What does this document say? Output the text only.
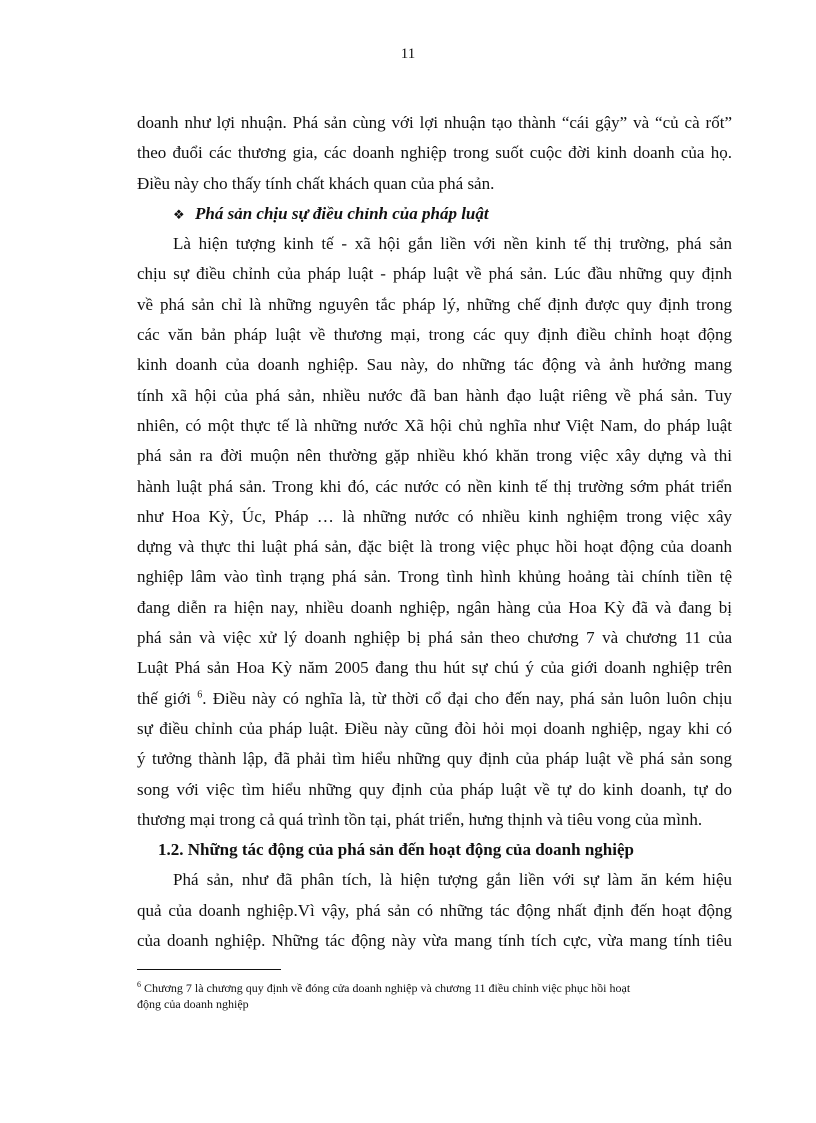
11
doanh như lợi nhuận. Phá sản cùng với lợi nhuận tạo thành “cái gậy” và “củ cà rốt”
theo đuổi các thương gia, các doanh nghiệp trong suốt cuộc đời kinh doanh của họ.
Điều này cho thấy tính chất khách quan của phá sản.
❖ Phá sản chịu sự điều chỉnh của pháp luật
Là hiện tượng kinh tế - xã hội gắn liền với nền kinh tế thị trường, phá sản
chịu sự điều chỉnh của pháp luật - pháp luật về phá sản. Lúc đầu những quy định
về phá sản chỉ là những nguyên tắc pháp lý, những chế định được quy định trong
các văn bản pháp luật về thương mại, trong các quy định điều chỉnh hoạt động
kinh doanh của doanh nghiệp. Sau này, do những tác động và ảnh hưởng mang
tính xã hội của phá sản, nhiều nước đã ban hành đạo luật riêng về phá sản. Tuy
nhiên, có một thực tế là những nước Xã hội chủ nghĩa như Việt Nam, do pháp luật
phá sản ra đời muộn nên thường gặp nhiều khó khăn trong việc xây dựng và thi
hành luật phá sản. Trong khi đó, các nước có nền kinh tế thị trường sớm phát triển
như Hoa Kỳ, Úc, Pháp … là những nước có nhiều kinh nghiệm trong việc xây
dựng và thực thi luật phá sản, đặc biệt là trong việc phục hồi hoạt động của doanh
nghiệp lâm vào tình trạng phá sản. Trong tình hình khủng hoảng tài chính tiền tệ
đang diễn ra hiện nay, nhiều doanh nghiệp, ngân hàng của Hoa Kỳ đã và đang bị
phá sản và việc xử lý doanh nghiệp bị phá sản theo chương 7 và chương 11 của
Luật Phá sản Hoa Kỳ năm 2005 đang thu hút sự chú ý của giới doanh nghiệp trên
thế giới $^6$. Điều này có nghĩa là, từ thời cổ đại cho đến nay, phá sản luôn luôn chịu
sự điều chỉnh của pháp luật. Điều này cũng đòi hỏi mọi doanh nghiệp, ngay khi có
ý tưởng thành lập, đã phải tìm hiểu những quy định của pháp luật về phá sản song
song với việc tìm hiểu những quy định của pháp luật về tự do kinh doanh, tự do
thương mại trong cả quá trình tồn tại, phát triển, hưng thịnh và tiêu vong của mình.
1.2. Những tác động của phá sản đến hoạt động của doanh nghiệp
Phá sản, như đã phân tích, là hiện tượng gắn liền với sự làm ăn kém hiệu
quả của doanh nghiệp.Vì vậy, phá sản có những tác động nhất định đến hoạt động
của doanh nghiệp. Những tác động này vừa mang tính tích cực, vừa mang tính tiêu
$^6$ Chương 7 là chương quy định về đóng cửa doanh nghiệp và chương 11 điều chỉnh việc phục hồi hoạt
động của doanh nghiệp
